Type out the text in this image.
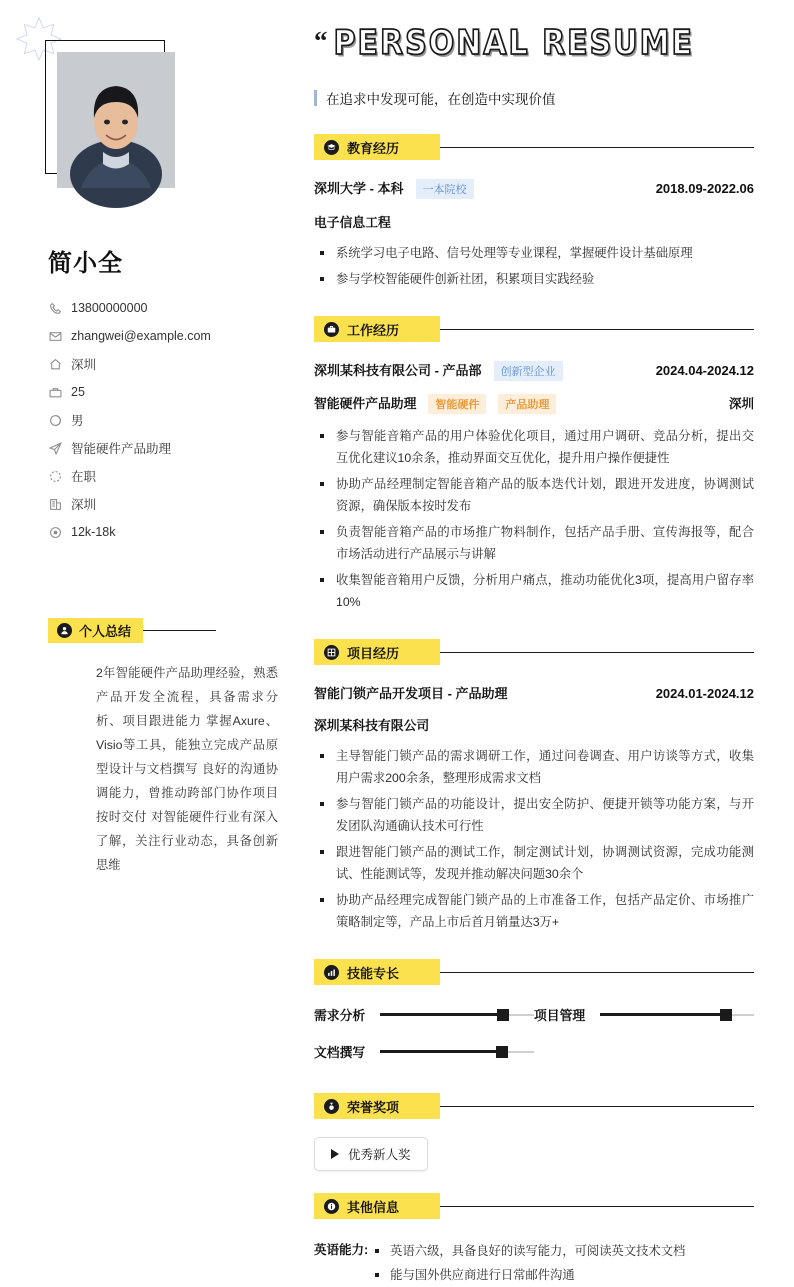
简小全
13800000000
zhangwei@example.com
深圳
25
男
智能硬件产品助理
在职
深圳
12k-18k
个人总结

2年智能硬件产品助理经验，熟悉产品开发全流程，具备需求分析、项目跟进能力 掌握Axure、Visio等工具，能独立完成产品原型设计与文档撰写 良好的沟通协调能力，曾推动跨部门协作项目按时交付 对智能硬件行业有深入了解，关注行业动态，具备创新思维

“ PERSONAL RESUME
在追求中发现可能，在创造中实现价值
教育经历
深圳大学 - 本科	一本院校	2018.09-2022.06
电子信息工程
系统学习电子电路、信号处理等专业课程，掌握硬件设计基础原理
参与学校智能硬件创新社团，积累项目实践经验
工作经历
深圳某科技有限公司 - 产品部	创新型企业	2024.04-2024.12
智能硬件产品助理	智能硬件	产品助理	深圳
参与智能音箱产品的用户体验优化项目，通过用户调研、竞品分析，提出交互优化建议10余条，推动界面交互优化，提升用户操作便捷性
协助产品经理制定智能音箱产品的版本迭代计划，跟进开发进度，协调测试资源，确保版本按时发布
负责智能音箱产品的市场推广物料制作，包括产品手册、宣传海报等，配合市场活动进行产品展示与讲解
收集智能音箱用户反馈，分析用户痛点，推动功能优化3项，提高用户留存率10%
项目经历
智能门锁产品开发项目 - 产品助理	2024.01-2024.12
深圳某科技有限公司
主导智能门锁产品的需求调研工作，通过问卷调查、用户访谈等方式，收集用户需求200余条，整理形成需求文档
参与智能门锁产品的功能设计，提出安全防护、便捷开锁等功能方案，与开发团队沟通确认技术可行性
跟进智能门锁产品的测试工作，制定测试计划，协调测试资源，完成功能测试、性能测试等，发现并推动解决问题30余个
协助产品经理完成智能门锁产品的上市准备工作，包括产品定价、市场推广策略制定等，产品上市后首月销量达3万+
技能专长
需求分析	项目管理
文档撰写
荣誉奖项
优秀新人奖
其他信息
英语能力:	英语六级，具备良好的读写能力，可阅读英文技术文档
能与国外供应商进行日常邮件沟通
